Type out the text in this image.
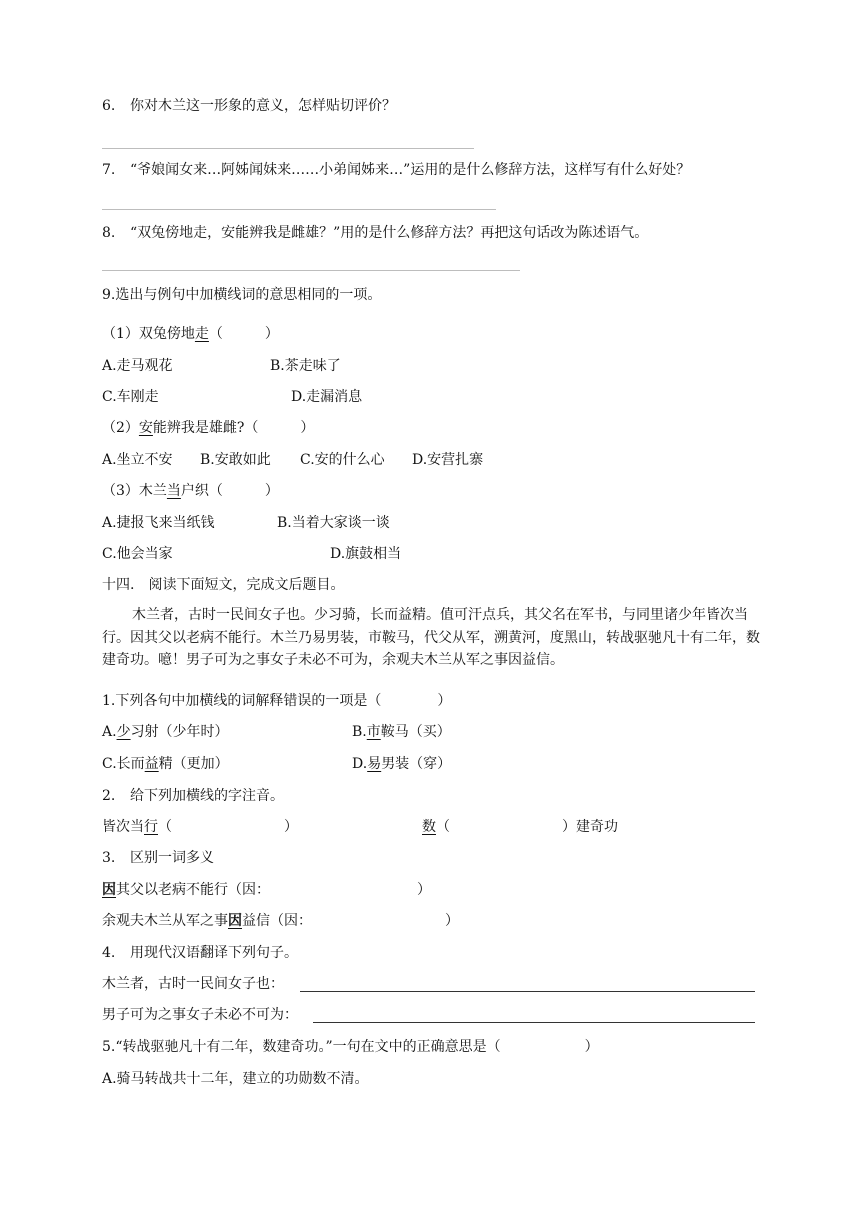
6. 你对木兰这一形象的意义，怎样贴切评价？
7. “爷娘闻女来…阿姊闻妹来……小弟闻姊来…”运用的是什么修辞方法，这样写有什么好处？
8. “双兔傍地走，安能辨我是雌雄？”用的是什么修辞方法？再把这句话改为陈述语气。
9.选出与例句中加横线词的意思相同的一项。
（1）双兔傍地走（　　　）
A.走马观花	B.茶走味了
C.车刚走	D.走漏消息
（2）安能辨我是雄雌?（　　　）
A.坐立不安 B.安敢如此 C.安的什么心 D.安营扎寨
（3）木兰当户织（　　　）
A.捷报飞来当纸钱	B.当着大家谈一谈
C.他会当家	D.旗鼓相当
十四.　阅读下面短文，完成文后题目。
木兰者，古时一民间女子也。少习骑，长而益精。值可汗点兵，其父名在军书，与同里诸少年皆次当行。因其父以老病不能行。木兰乃易男装，市鞍马，代父从军，溯黄河，度黑山，转战驱驰凡十有二年，数建奇功。噫！男子可为之事女子未必不可为，余观夫木兰从军之事因益信。
1.下列各句中加横线的词解释错误的一项是（　　　　）
A.少习射（少年时）	B.市鞍马（买）
C.长而益精（更加）	D.易男装（穿）
2. 给下列加横线的字注音。
皆次当行（　　　　　　　　）	数（　　　　　　　　）建奇功
3. 区别一词多义
因其父以老病不能行（因：　　　　　　　　　　　）
余观夫木兰从军之事因益信（因：　　　　　　　　　　）
4. 用现代汉语翻译下列句子。
木兰者，古时一民间女子也：
男子可为之事女子未必不可为：
5.“转战驱驰凡十有二年，数建奇功。”一句在文中的正确意思是（　　　　　　）
A.骑马转战共十二年，建立的功勋数不清。
